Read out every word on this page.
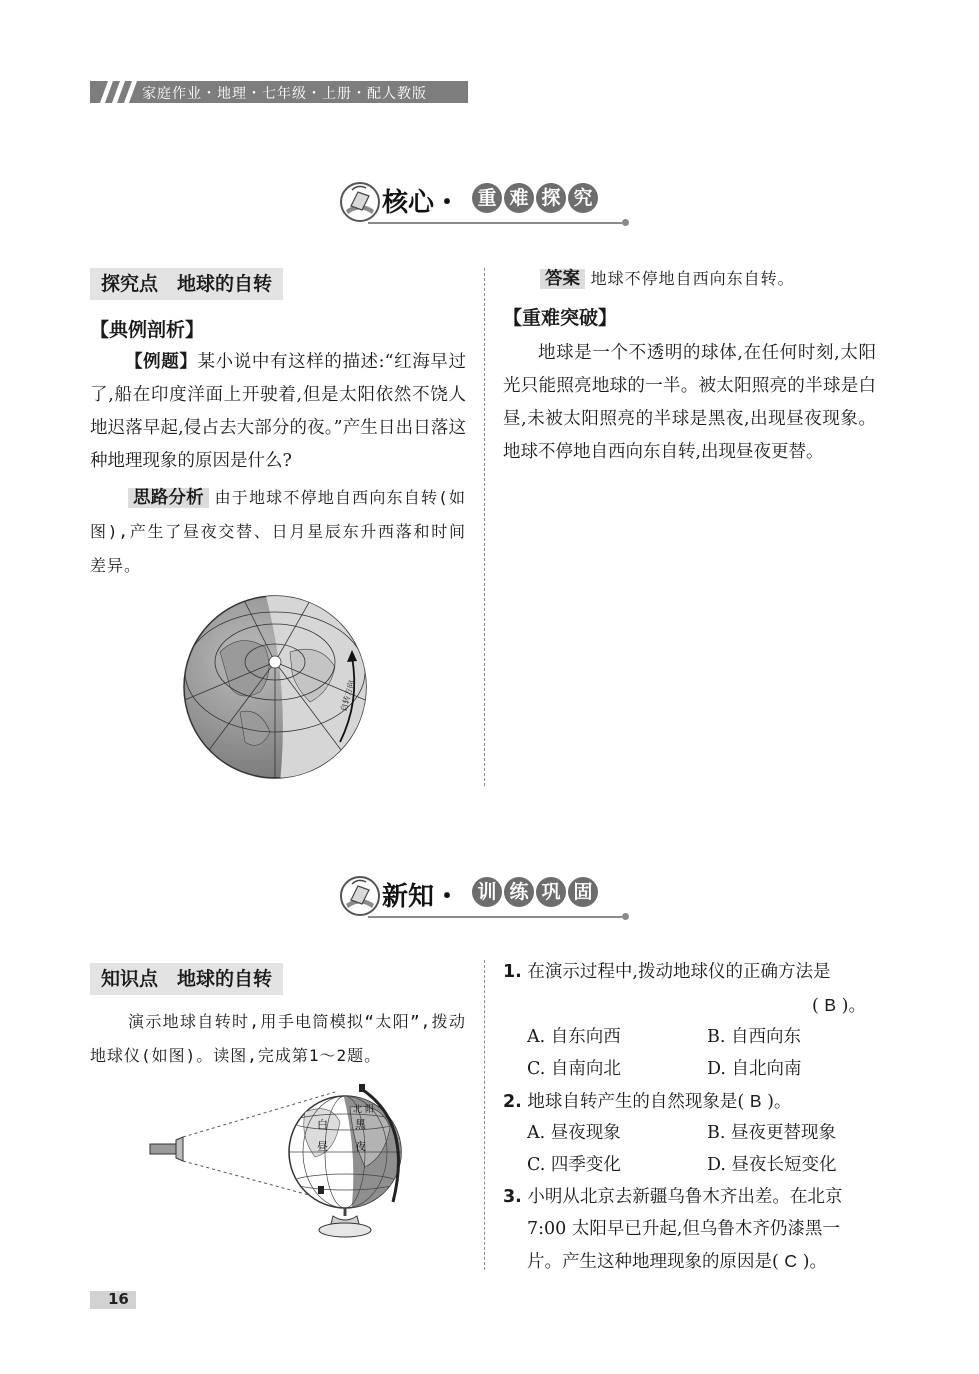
家庭作业・地理・七年级・上册・配人教版
核心・ 重 难 探 究
探究点　地球的自转
【典例剖析】
【例题】某小说中有这样的描述:“红海早过了,船在印度洋面上开驶着,但是太阳依然不饶人地迟落早起,侵占去大部分的夜。”产生日出日落这种地理现象的原因是什么?
思路分析 由于地球不停地自西向东自转(如图),产生了昼夜交替、日月星辰东升西落和时间差异。
自转方向
答案 地球不停地自西向东自转。
【重难突破】
地球是一个不透明的球体,在任何时刻,太阳光只能照亮地球的一半。被太阳照亮的半球是白昼,未被太阳照亮的半球是黑夜,出现昼夜现象。地球不停地自西向东自转,出现昼夜更替。
新知・ 训 练 巩 固
知识点　地球的自转
演示地球自转时,用手电筒模拟“太阳”,拨动地球仪(如图)。读图,完成第1～2题。
白
昼
北 阳
黑
夜
1. 在演示过程中,拨动地球仪的正确方法是
( B )。
A. 自东向西	B. 自西向东
C. 自南向北	D. 自北向南
2. 地球自转产生的自然现象是( B )。
A. 昼夜现象	B. 昼夜更替现象
C. 四季变化	D. 昼夜长短变化
3. 小明从北京去新疆乌鲁木齐出差。在北京
7:00 太阳早已升起,但乌鲁木齐仍漆黑一
片。产生这种地理现象的原因是( C )。
16
